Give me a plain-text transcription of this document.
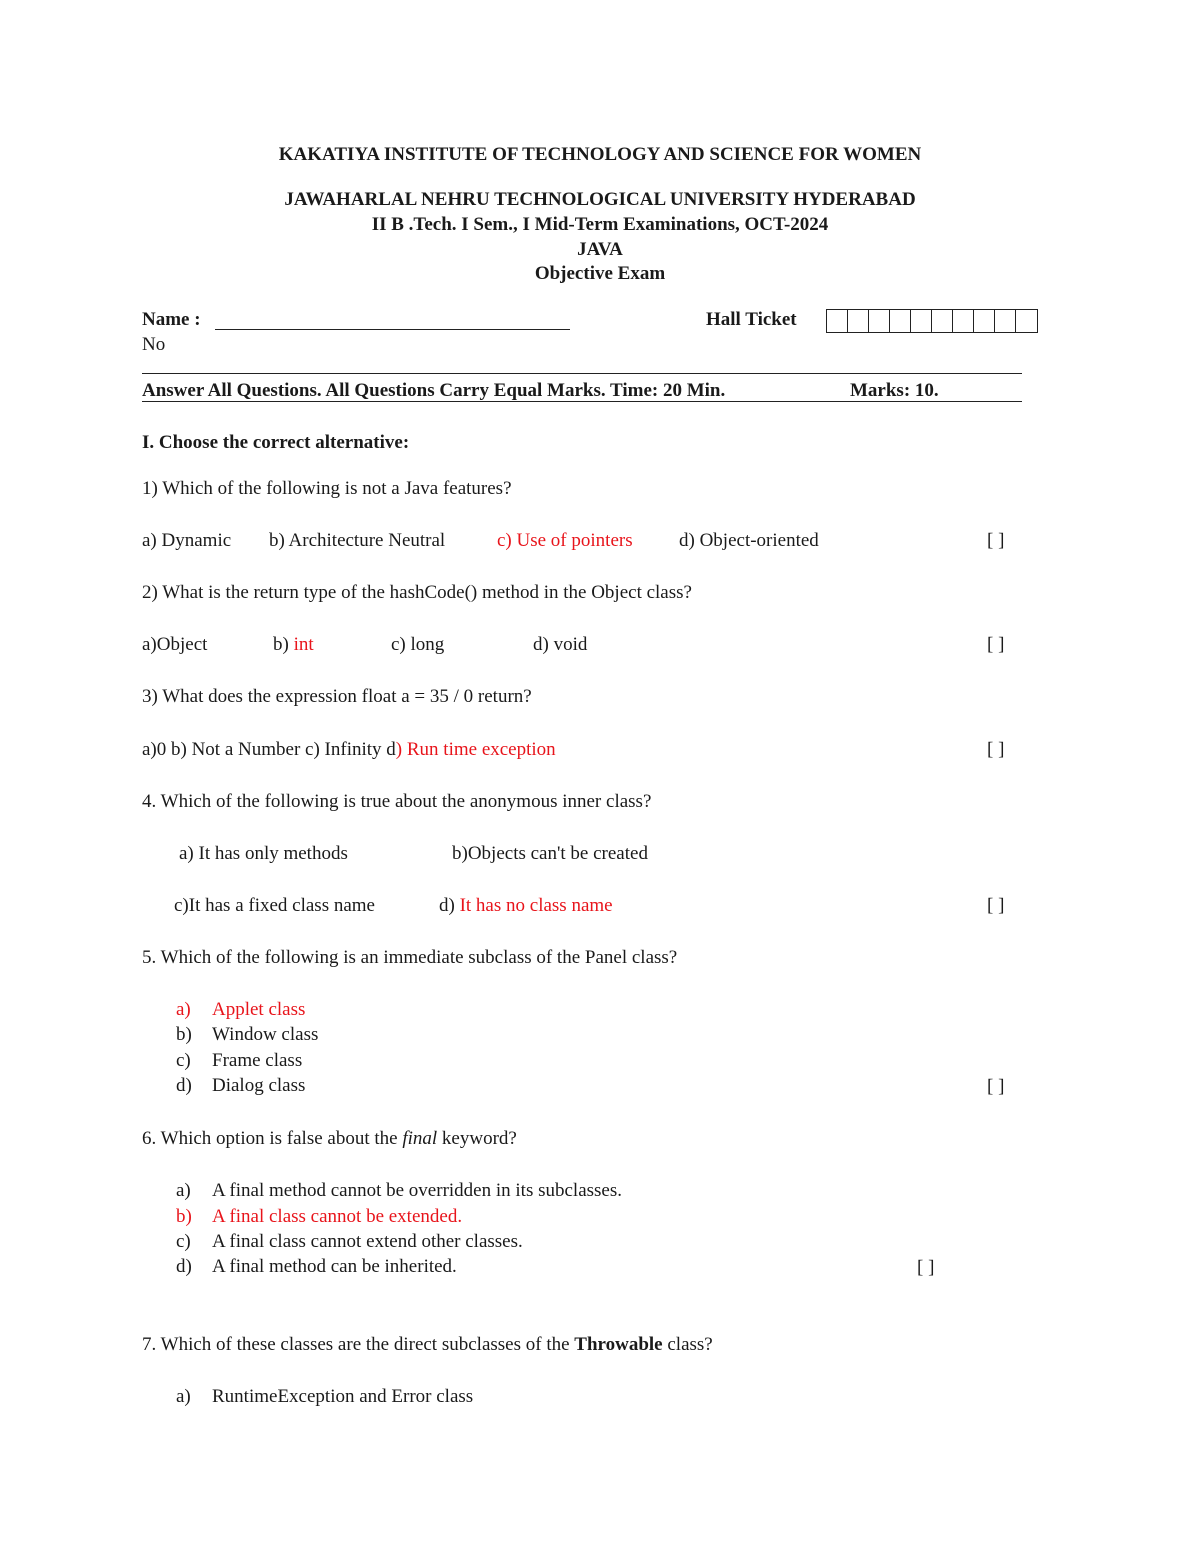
KAKATIYA INSTITUTE OF TECHNOLOGY AND SCIENCE FOR WOMEN
JAWAHARLAL NEHRU TECHNOLOGICAL UNIVERSITY HYDERABAD
II B .Tech. I Sem., I Mid-Term Examinations, OCT-2024
JAVA
Objective Exam
Name :	Hall Ticket
No
Answer All Questions. All Questions Carry Equal Marks. Time: 20 Min.	Marks: 10.
I. Choose the correct alternative:
1) Which of the following is not a Java features?
a) Dynamic b) Architecture Neutral	c) Use of pointers d) Object-oriented	[ ]
2) What is the return type of the hashCode() method in the Object class?
a)Object	b) int	c) long	d) void	[ ]
3) What does the expression float a = 35 / 0 return?
a)0 b) Not a Number c) Infinity d) Run time exception	[ ]
4. Which of the following is true about the anonymous inner class?
a) It has only methods	b)Objects can't be created
c)It has a fixed class name	d) It has no class name	[ ]
5. Which of the following is an immediate subclass of the Panel class?
a) Applet class
b) Window class
c) Frame class
d) Dialog class	[ ]
6. Which option is false about the final keyword?
a) A final method cannot be overridden in its subclasses.
b) A final class cannot be extended.
c) A final class cannot extend other classes.
d) A final method can be inherited.	[ ]
7. Which of these classes are the direct subclasses of the Throwable class?
a) RuntimeException and Error class
